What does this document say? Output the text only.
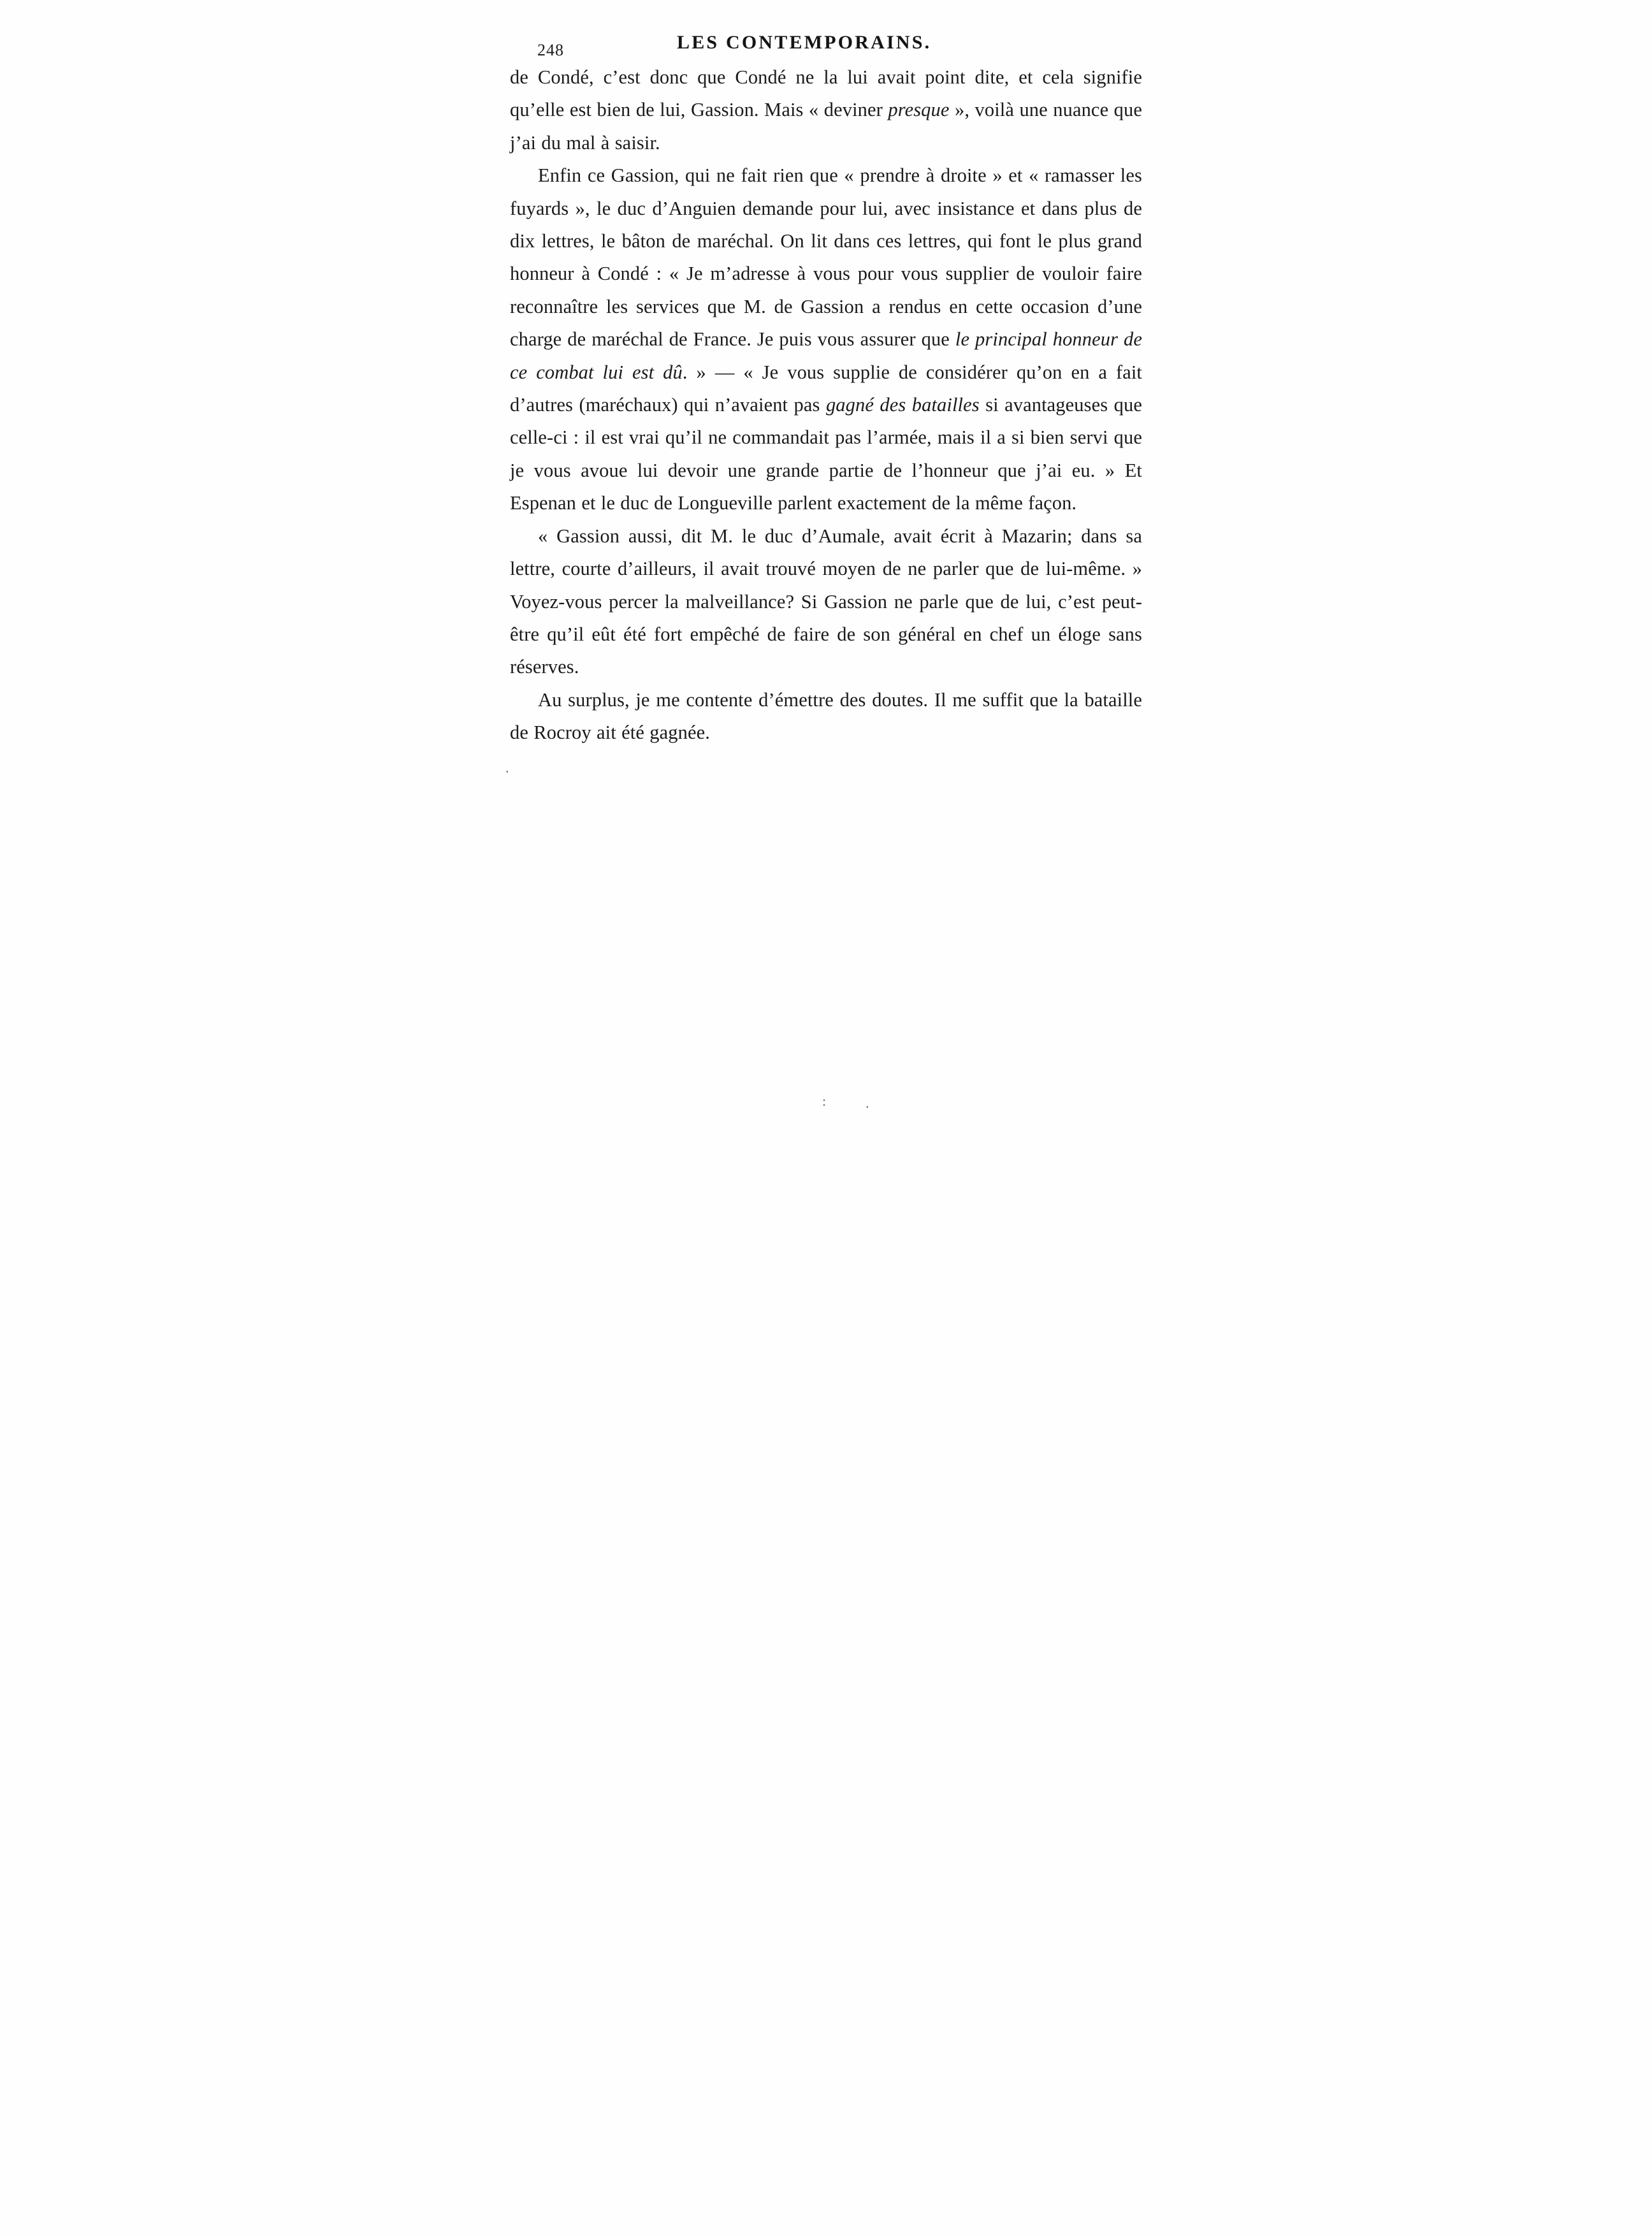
248	LES CONTEMPORAINS.

de Condé, c’est donc que Condé ne la lui avait point dite, et cela signifie qu’elle est bien de lui, Gassion. Mais « deviner presque », voilà une nuance que j’ai du mal à saisir.

Enfin ce Gassion, qui ne fait rien que « prendre à droite » et « ramasser les fuyards », le duc d’Anguien demande pour lui, avec insistance et dans plus de dix lettres, le bâton de maréchal. On lit dans ces lettres, qui font le plus grand honneur à Condé : « Je m’adresse à vous pour vous supplier de vouloir faire reconnaître les services que M. de Gassion a rendus en cette occasion d’une charge de maréchal de France. Je puis vous assurer que le principal honneur de ce combat lui est dû. » — « Je vous supplie de considérer qu’on en a fait d’autres (maréchaux) qui n’avaient pas gagné des batailles si avantageuses que celle-ci : il est vrai qu’il ne commandait pas l’armée, mais il a si bien servi que je vous avoue lui devoir une grande partie de l’honneur que j’ai eu. » Et Espenan et le duc de Longueville parlent exactement de la même façon.

« Gassion aussi, dit M. le duc d’Aumale, avait écrit à Mazarin; dans sa lettre, courte d’ailleurs, il avait trouvé moyen de ne parler que de lui-même. » Voyez-vous percer la malveillance? Si Gassion ne parle que de lui, c’est peut-être qu’il eût été fort empêché de faire de son général en chef un éloge sans réserves.

Au surplus, je me contente d’émettre des doutes. Il me suffit que la bataille de Rocroy ait été gagnée.

.
:	.
